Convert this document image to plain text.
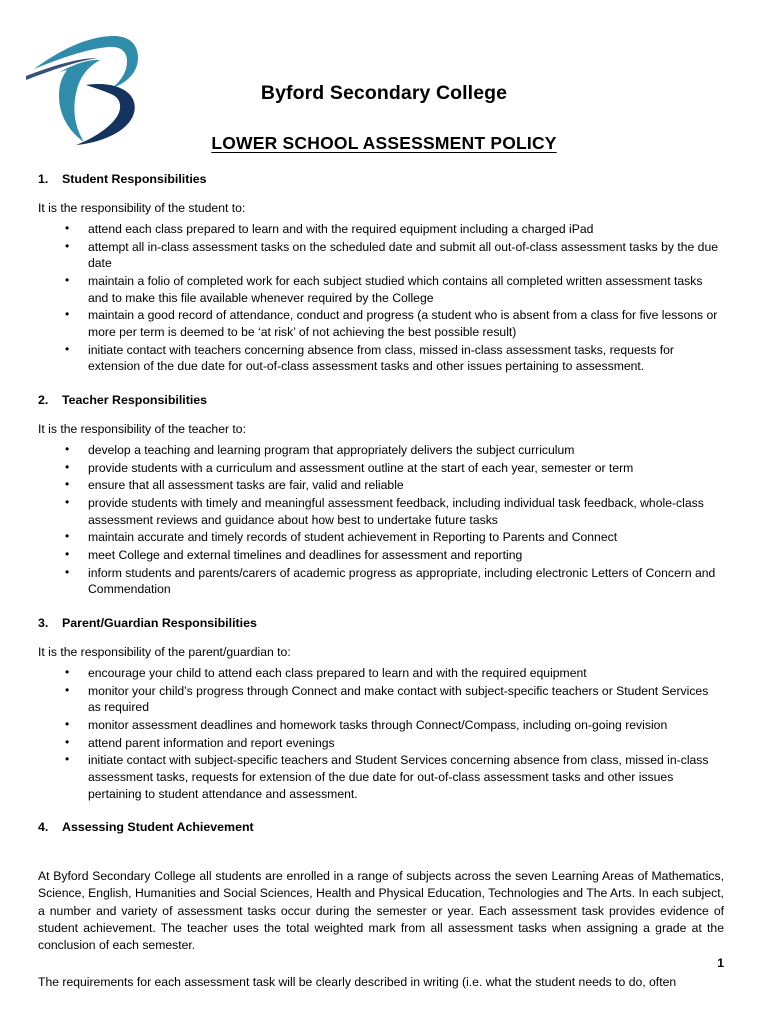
Byford Secondary College
LOWER SCHOOL ASSESSMENT POLICY
1. Student Responsibilities

It is the responsibility of the student to:

• attend each class prepared to learn and with the required equipment including a charged iPad
• attempt all in-class assessment tasks on the scheduled date and submit all out-of-class assessment tasks by the due date
• maintain a folio of completed work for each subject studied which contains all completed written assessment tasks and to make this file available whenever required by the College
• maintain a good record of attendance, conduct and progress (a student who is absent from a class for five lessons or more per term is deemed to be ‘at risk’ of not achieving the best possible result)
• initiate contact with teachers concerning absence from class, missed in-class assessment tasks, requests for extension of the due date for out-of-class assessment tasks and other issues pertaining to assessment.
2. Teacher Responsibilities

It is the responsibility of the teacher to:

• develop a teaching and learning program that appropriately delivers the subject curriculum
• provide students with a curriculum and assessment outline at the start of each year, semester or term
• ensure that all assessment tasks are fair, valid and reliable
• provide students with timely and meaningful assessment feedback, including individual task feedback, whole-class assessment reviews and guidance about how best to undertake future tasks
• maintain accurate and timely records of student achievement in Reporting to Parents and Connect
• meet College and external timelines and deadlines for assessment and reporting
• inform students and parents/carers of academic progress as appropriate, including electronic Letters of Concern and Commendation
3. Parent/Guardian Responsibilities

It is the responsibility of the parent/guardian to:

• encourage your child to attend each class prepared to learn and with the required equipment
• monitor your child’s progress through Connect and make contact with subject-specific teachers or Student Services as required
• monitor assessment deadlines and homework tasks through Connect/Compass, including on-going revision
• attend parent information and report evenings
• initiate contact with subject-specific teachers and Student Services concerning absence from class, missed in-class assessment tasks, requests for extension of the due date for out-of-class assessment tasks and other issues pertaining to student attendance and assessment.
4. Assessing Student Achievement

At Byford Secondary College all students are enrolled in a range of subjects across the seven Learning Areas of Mathematics, Science, English, Humanities and Social Sciences, Health and Physical Education, Technologies and The Arts. In each subject, a number and variety of assessment tasks occur during the semester or year. Each assessment task provides evidence of student achievement. The teacher uses the total weighted mark from all assessment tasks when assigning a grade at the conclusion of each semester.

The requirements for each assessment task will be clearly described in writing (i.e. what the student needs to do, often

1
